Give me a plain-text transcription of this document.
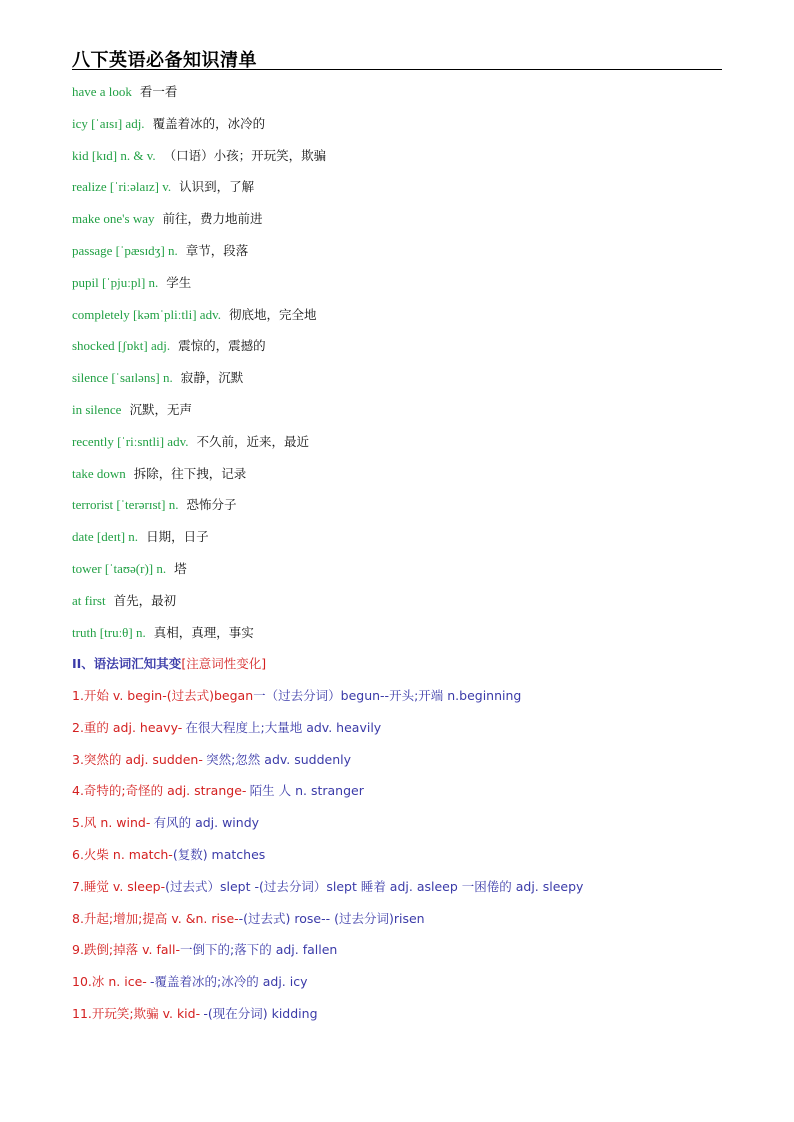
八下英语必备知识清单
have a look 看一看
icy [ˈaɪsɪ] adj. 覆盖着冰的，冰冷的
kid [kɪd] n. & v. （口语）小孩；开玩笑，欺骗
realize [ˈriːəlaɪz] v. 认识到，了解
make one's way 前往，费力地前进
passage [ˈpæsɪdʒ] n. 章节，段落
pupil [ˈpjuːpl] n. 学生
completely [kəmˈpliːtli] adv. 彻底地，完全地
shocked [ʃɒkt] adj. 震惊的，震撼的
silence [ˈsaɪləns] n. 寂静，沉默
in silence 沉默，无声
recently [ˈriːsntli] adv. 不久前，近来，最近
take down 拆除，往下拽，记录
terrorist [ˈterərɪst] n. 恐怖分子
date [deɪt] n. 日期，日子
tower [ˈtaʊə(r)] n. 塔
at first 首先，最初
truth [truːθ] n. 真相，真理，事实
II、语法词汇知其变[注意词性变化]
1.开始 v. begin-(过去式)began一（过去分词）begun--开头;开端 n.beginning
2.重的 adj. heavy- 在很大程度上;大量地 adv. heavily
3.突然的 adj. sudden- 突然;忽然 adv. suddenly
4.奇特的;奇怪的 adj. strange- 陌生 人 n. stranger
5.风 n. wind- 有风的 adj. windy
6.火柴 n. match-(复数) matches
7.睡觉 v. sleep-(过去式）slept -(过去分词）slept 睡着 adj. asleep 一困倦的 adj. sleepy
8.升起;增加;提高 v. &n. rise--(过去式) rose-- (过去分词)risen
9.跌倒;掉落 v. fall-一倒下的;落下的 adj. fallen
10.冰 n. ice- -覆盖着冰的;冰冷的 adj. icy
11.开玩笑;欺骗 v. kid- -(现在分词) kidding
